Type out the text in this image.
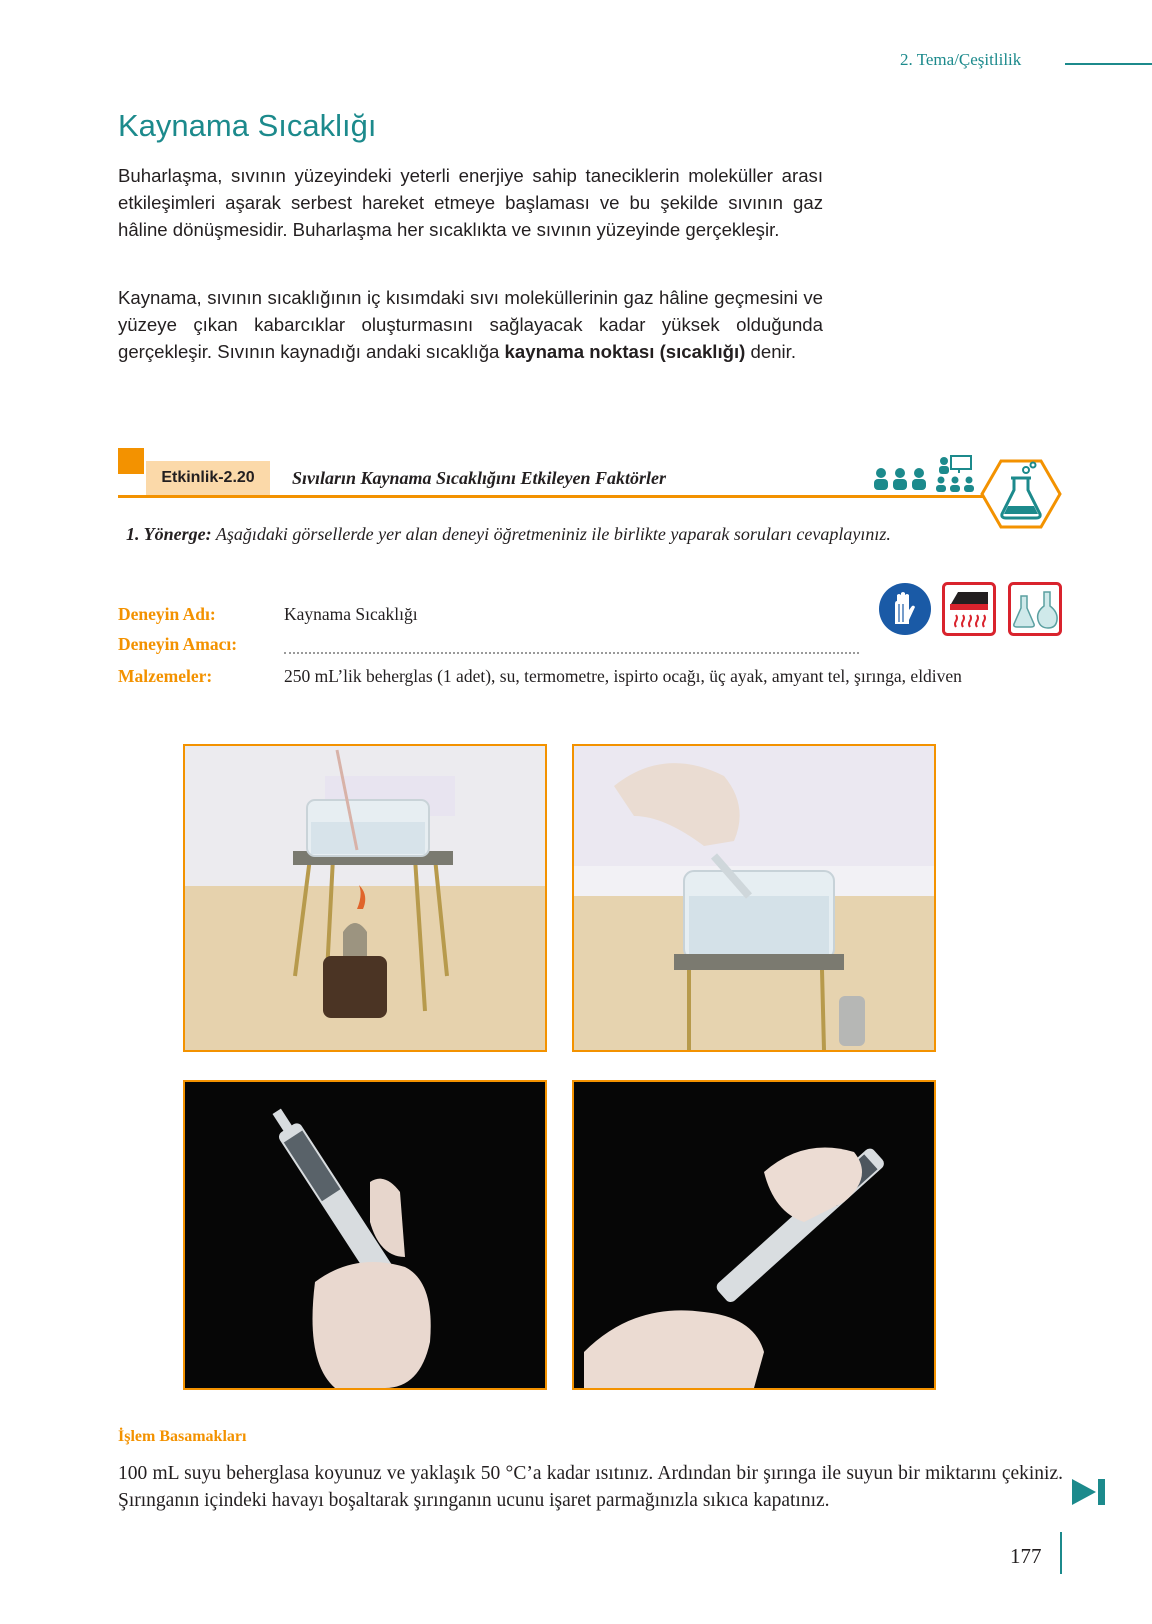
2. Tema/Çeşitlilik
Kaynama Sıcaklığı
Buharlaşma, sıvının yüzeyindeki yeterli enerjiye sahip taneciklerin moleküller arası etkileşimleri aşarak serbest hareket etmeye başlaması ve bu şekilde sıvının gaz hâline dönüşmesidir. Buharlaşma her sıcaklıkta ve sıvının yüzeyinde gerçekleşir.
Kaynama, sıvının sıcaklığının iç kısımdaki sıvı moleküllerinin gaz hâline geçmesini ve yüzeye çıkan kabarcıklar oluşturmasını sağlayacak kadar yüksek olduğunda gerçekleşir. Sıvının kaynadığı andaki sıcaklığa kaynama noktası (sıcaklığı) denir.
Etkinlik-2.20	Sıvıların Kaynama Sıcaklığını Etkileyen Faktörler
1. Yönerge: Aşağıdaki görsellerde yer alan deneyi öğretmeniniz ile birlikte yaparak soruları cevaplayınız.
Deneyin Adı:	Kaynama Sıcaklığı
Deneyin Amacı:
Malzemeler:	250 mL’lik beherglas (1 adet), su, termometre, ispirto ocağı, üç ayak, amyant tel, şırınga, eldiven
İşlem Basamakları
100 mL suyu beherglasa koyunuz ve yaklaşık 50 °C’a kadar ısıtınız. Ardından bir şırınga ile suyun bir miktarını çekiniz. Şırınganın içindeki havayı boşaltarak şırınganın ucunu işaret parmağınızla sıkıca kapatınız.
177
